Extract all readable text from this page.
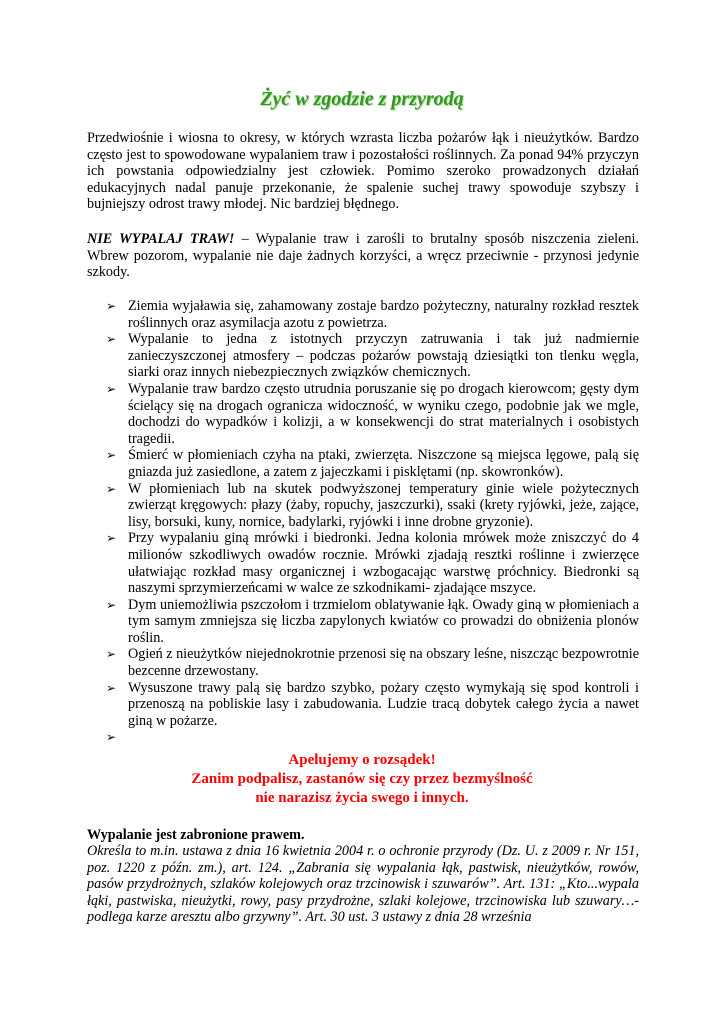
Żyć w zgodzie z przyrodą

Przedwiośnie i wiosna to okresy, w których wzrasta liczba pożarów łąk i nieużytków. Bardzo często jest to spowodowane wypalaniem traw i pozostałości roślinnych. Za ponad 94% przyczyn ich powstania odpowiedzialny jest człowiek. Pomimo szeroko prowadzonych działań edukacyjnych nadal panuje przekonanie, że spalenie suchej trawy spowoduje szybszy i bujniejszy odrost trawy młodej. Nic bardziej błędnego.

NIE WYPALAJ TRAW! – Wypalanie traw i zarośli to brutalny sposób niszczenia zieleni. Wbrew pozorom, wypalanie nie daje żadnych korzyści, a wręcz przeciwnie - przynosi jedynie szkody.

➢ Ziemia wyjaławia się, zahamowany zostaje bardzo pożyteczny, naturalny rozkład resztek roślinnych oraz asymilacja azotu z powietrza.
➢ Wypalanie to jedna z istotnych przyczyn zatruwania i tak już nadmiernie zanieczyszczonej atmosfery – podczas pożarów powstają dziesiątki ton tlenku węgla, siarki oraz innych niebezpiecznych związków chemicznych.
➢ Wypalanie traw bardzo często utrudnia poruszanie się po drogach kierowcom; gęsty dym ścielący się na drogach ogranicza widoczność, w wyniku czego, podobnie jak we mgle, dochodzi do wypadków i kolizji, a w konsekwencji do strat materialnych i osobistych tragedii.
➢ Śmierć w płomieniach czyha na ptaki, zwierzęta. Niszczone są miejsca lęgowe, palą się gniazda już zasiedlone, a zatem z jajeczkami i pisklętami (np. skowronków).
➢ W płomieniach lub na skutek podwyższonej temperatury ginie wiele pożytecznych zwierząt kręgowych: płazy (żaby, ropuchy, jaszczurki), ssaki (krety ryjówki, jeże, zające, lisy, borsuki, kuny, nornice, badylarki, ryjówki i inne drobne gryzonie).
➢ Przy wypalaniu giną mrówki i biedronki. Jedna kolonia mrówek może zniszczyć do 4 milionów szkodliwych owadów rocznie. Mrówki zjadają resztki roślinne i zwierzęce ułatwiając rozkład masy organicznej i wzbogacając warstwę próchnicy. Biedronki są naszymi sprzymierzeńcami w walce ze szkodnikami- zjadające mszyce.
➢ Dym uniemożliwia pszczołom i trzmielom oblatywanie łąk. Owady giną w płomieniach a tym samym zmniejsza się liczba zapylonych kwiatów co prowadzi do obniżenia plonów roślin.
➢ Ogień z nieużytków niejednokrotnie przenosi się na obszary leśne, niszcząc bezpowrotnie bezcenne drzewostany.
➢ Wysuszone trawy palą się bardzo szybko, pożary często wymykają się spod kontroli i przenoszą na pobliskie lasy i zabudowania. Ludzie tracą dobytek całego życia a nawet giną w pożarze.
➢

Apelujemy o rozsądek!
Zanim podpalisz, zastanów się czy przez bezmyślność
nie narazisz życia swego i innych.

Wypalanie jest zabronione prawem.

Określa to m.in. ustawa z dnia 16 kwietnia 2004 r. o ochronie przyrody (Dz. U. z 2009 r. Nr 151, poz. 1220 z późn. zm.), art. 124. „Zabrania się wypalania łąk, pastwisk, nieużytków, rowów, pasów przydrożnych, szlaków kolejowych oraz trzcinowisk i szuwarów”. Art. 131: „Kto...wypala łąki, pastwiska, nieużytki, rowy, pasy przydrożne, szlaki kolejowe, trzcinowiska lub szuwary…- podlega karze aresztu albo grzywny”. Art. 30 ust. 3 ustawy z dnia 28 września
